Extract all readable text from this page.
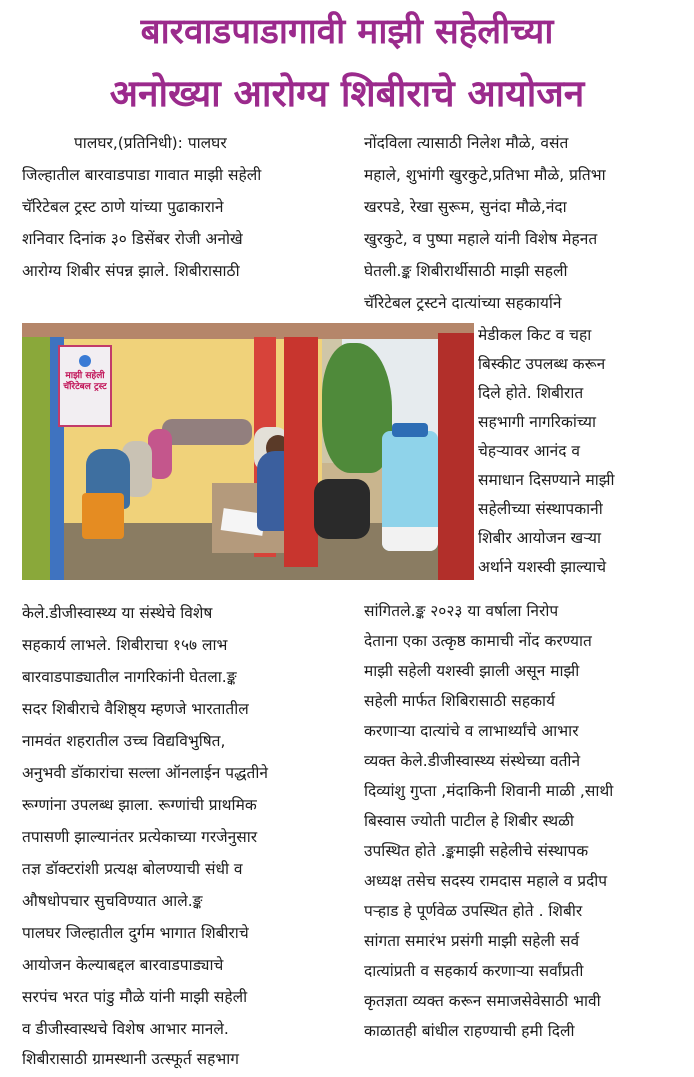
बारवाडपाडागावी माझी सहेलीच्या
अनोख्या आरोग्य शिबीराचे आयोजन
पालघर,(प्रतिनिधी): पालघर
जिल्हातील बारवाडपाडा गावात माझी सहेली
चॅरिटेबल ट्रस्ट ठाणे यांच्या पुढाकाराने
शनिवार दिनांक ३० डिसेंबर रोजी अनोखे
आरोग्य शिबीर संपन्न झाले. शिबीरासाठी
नोंदविला त्यासाठी निलेश मौळे, वसंत
महाले, शुभांगी खुरकुटे,प्रतिभा मौळे, प्रतिभा
खरपडे, रेखा सुरूम, सुनंदा मौळे,नंदा
खुरकुटे, व पुष्पा महाले यांनी विशेष मेहनत
घेतली.ङ्क शिबीरार्थीसाठी माझी सहली
चॅरिटेबल ट्रस्टने दात्यांच्या सहकार्याने
माझी सहेली चॅरिटेबल ट्रस्ट
मेडीकल किट व चहा
बिस्कीट उपलब्ध करून
दिले होते. शिबीरात
सहभागी नागरिकांच्या
चेहऱ्यावर आनंद व
समाधान दिसण्याने माझी
सहेलीच्या संस्थापकानी
शिबीर आयोजन खऱ्या
अर्थाने यशस्वी झाल्याचे
केले.डीजीस्वास्थ्य या संस्थेचे विशेष
सहकार्य लाभले. शिबीराचा १५७ लाभ
बारवाडपाड्यातील नागरिकांनी घेतला.ङ्क
सदर शिबीराचे वैशिष्ठ्य म्हणजे भारतातील
नामवंत शहरातील उच्च विद्यविभुषित,
अनुभवी डॉकारांचा सल्ला ऑनलाईन पद्धतीने
रूग्णांना उपलब्ध झाला. रूग्णांची प्राथमिक
तपासणी झाल्यानंतर प्रत्येकाच्या गरजेनुसार
तज्ञ डॉक्टरांशी प्रत्यक्ष बोलण्याची संधी व
औषधोपचार सुचविण्यात आले.ङ्क
पालघर जिल्हातील दुर्गम भागात शिबीराचे
आयोजन केल्याबद्दल बारवाडपाड्याचे
सरपंच भरत पांडु मौळे यांनी माझी सहेली
व डीजीस्वास्थचे विशेष आभार मानले.
शिबीरासाठी ग्रामस्थानी उत्स्फूर्त सहभाग
सांगितले.ङ्क २०२३ या वर्षाला निरोप
देताना एका उत्कृष्ठ कामाची नोंद करण्यात
माझी सहेली यशस्वी झाली असून माझी
सहेली मार्फत शिबिरासाठी सहकार्य
करणाऱ्या दात्यांचे व लाभार्थ्यांचे आभार
व्यक्त केले.डीजीस्वास्थ्य संस्थेच्या वतीने
दिव्यांशु गुप्ता ,मंदाकिनी शिवानी माळी ,साथी
बिस्वास ज्योती पाटील हे शिबीर स्थळी
उपस्थित होते .ङ्कमाझी सहेलीचे संस्थापक
अध्यक्ष तसेच सदस्य रामदास महाले व प्रदीप
पऱ्हाड हे पूर्णवेळ उपस्थित होते . शिबीर
सांगता समारंभ प्रसंगी माझी सहेली सर्व
दात्यांप्रती व सहकार्य करणाऱ्या सर्वांप्रती
कृतज्ञता व्यक्त करून समाजसेवेसाठी भावी
काळातही बांधील राहण्याची हमी दिली
